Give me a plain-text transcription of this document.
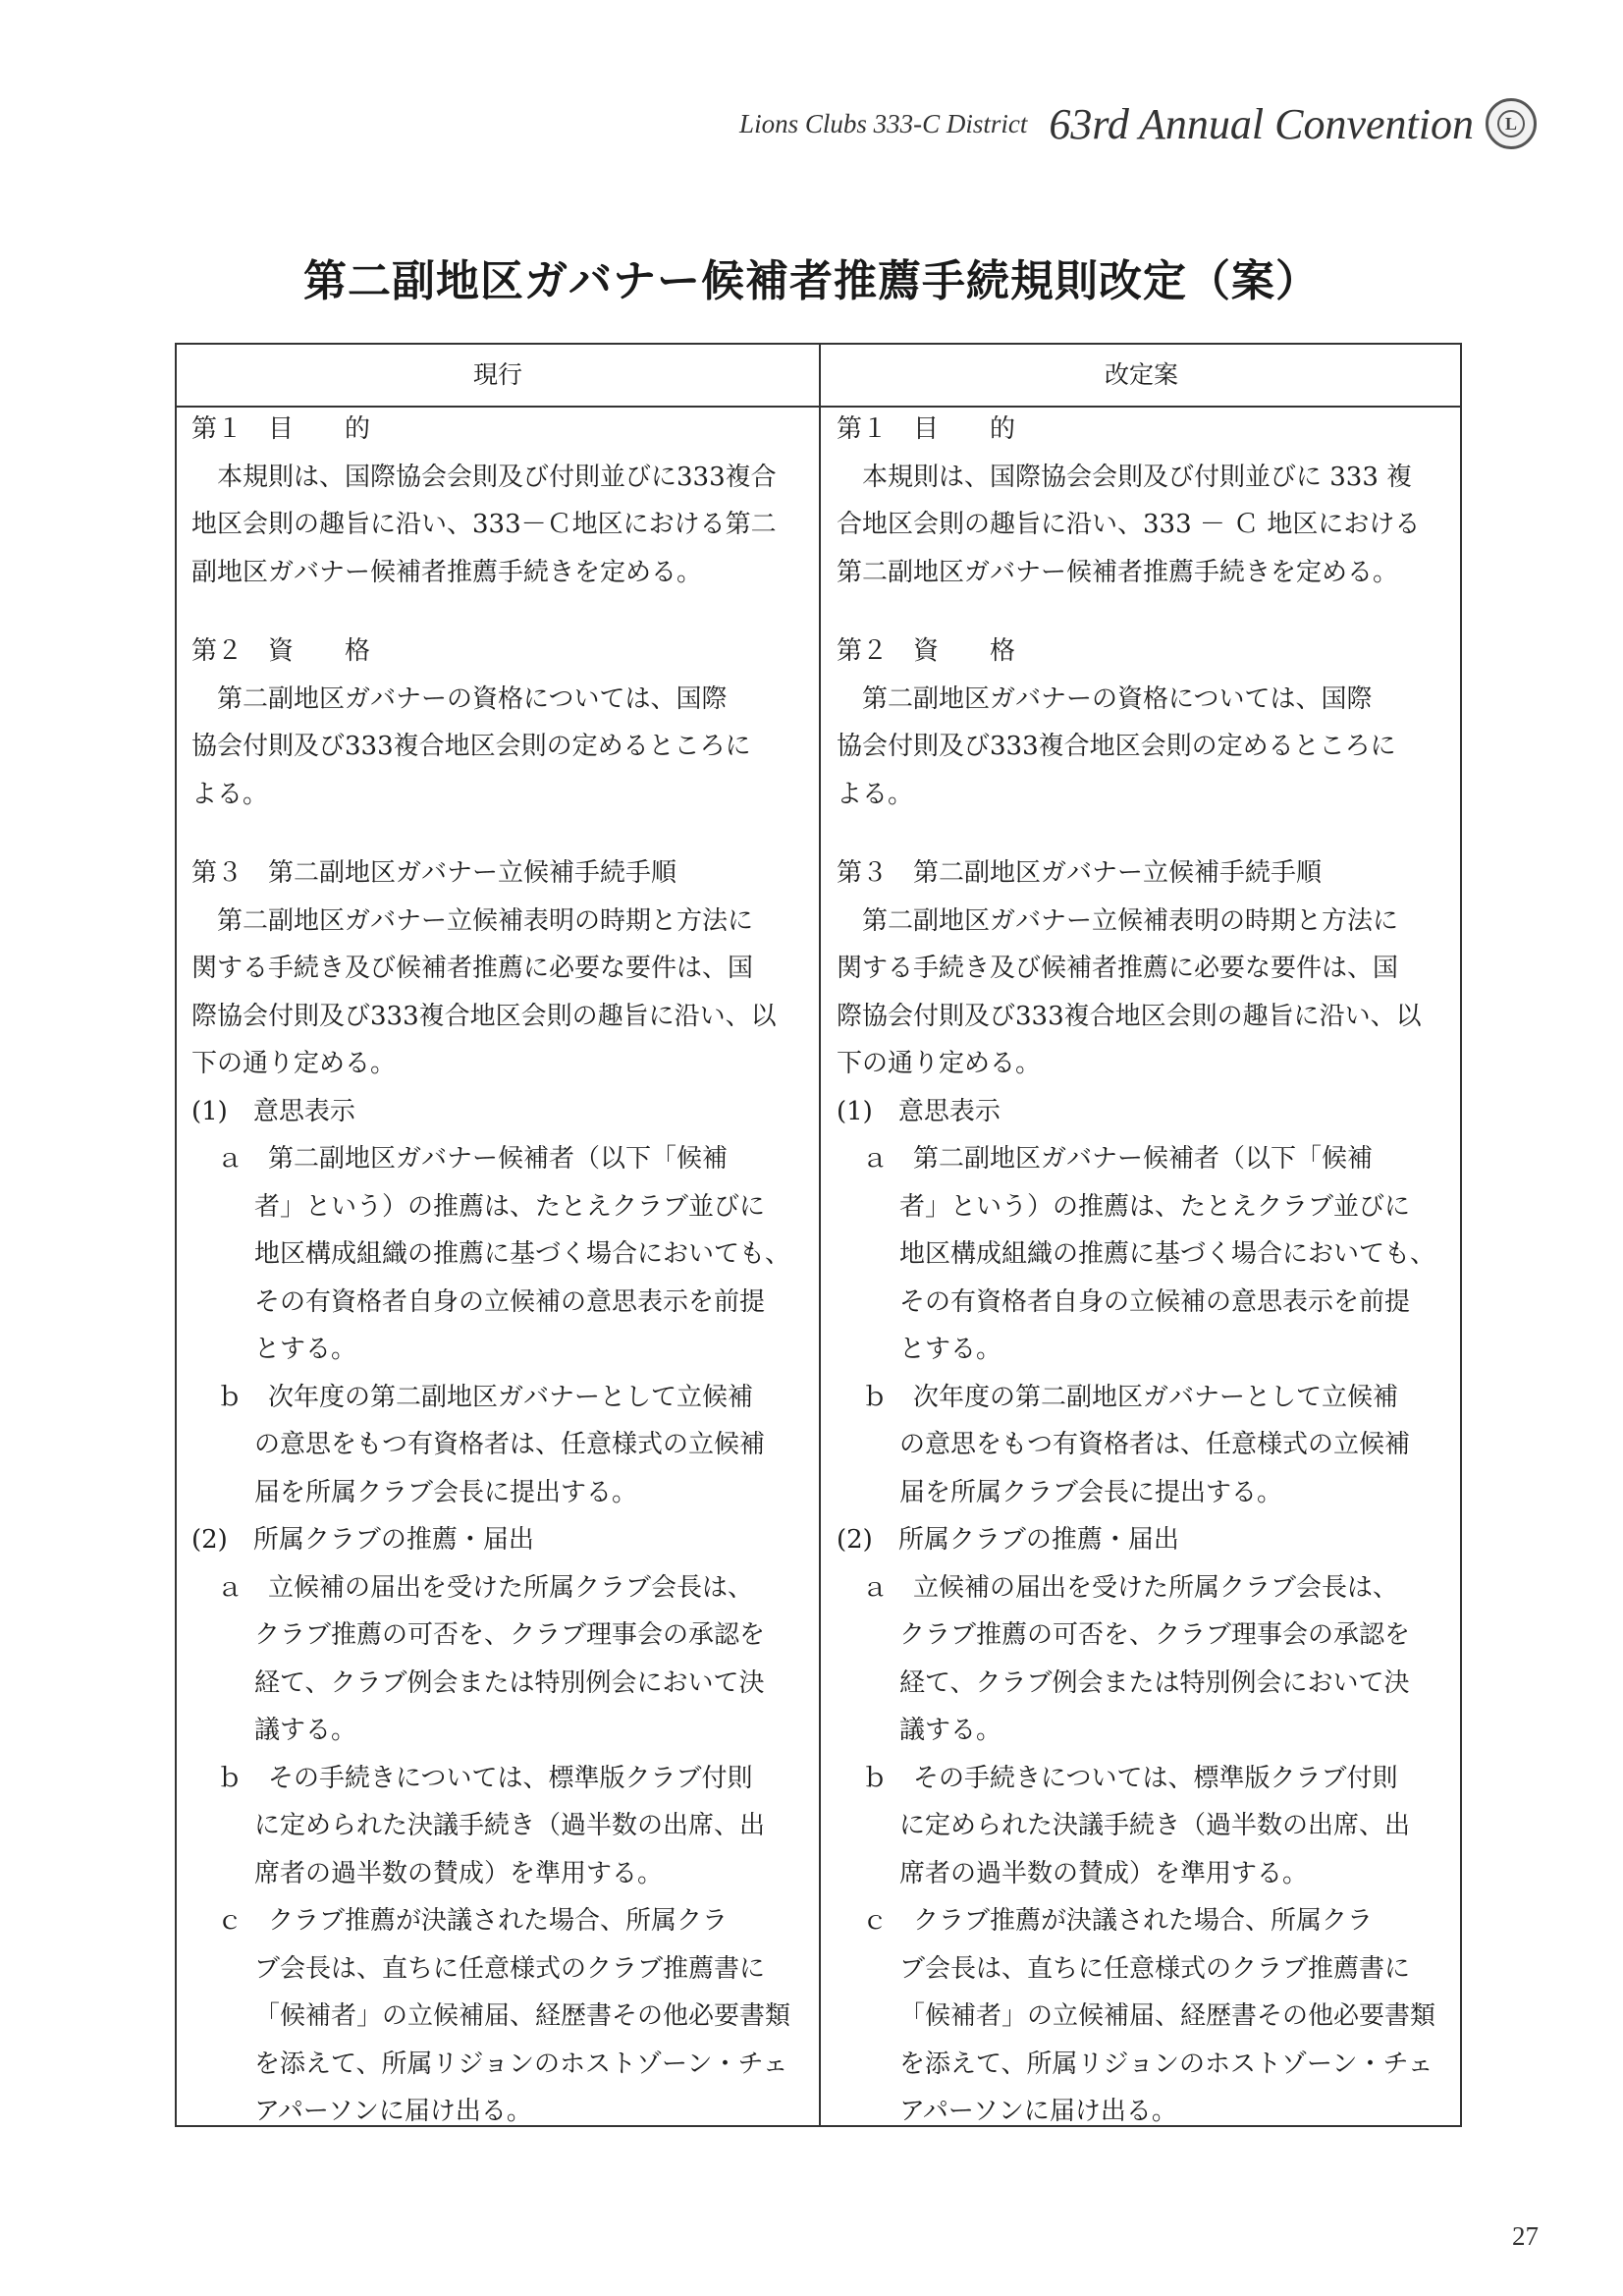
Lions Clubs 333-C District 63rd Annual Convention	L
第二副地区ガバナー候補者推薦手続規則改定（案）
現行	改定案

第１　目　　的

　本規則は、国際協会会則及び付則並びに333複合

地区会則の趣旨に沿い、333－Ｃ地区における第二

副地区ガバナー候補者推薦手続きを定める。

第２　資　　格

　第二副地区ガバナーの資格については、国際

協会付則及び333複合地区会則の定めるところに

よる。

第３　第二副地区ガバナー立候補手続手順

　第二副地区ガバナー立候補表明の時期と方法に

関する手続き及び候補者推薦に必要な要件は、国

際協会付則及び333複合地区会則の趣旨に沿い、以

下の通り定める。

(1)　意思表示

ａ　第二副地区ガバナー候補者（以下「候補

者」という）の推薦は、たとえクラブ並びに

地区構成組織の推薦に基づく場合においても、

その有資格者自身の立候補の意思表示を前提

とする。

ｂ　次年度の第二副地区ガバナーとして立候補

の意思をもつ有資格者は、任意様式の立候補

届を所属クラブ会長に提出する。

(2)　所属クラブの推薦・届出

ａ　立候補の届出を受けた所属クラブ会長は、

クラブ推薦の可否を、クラブ理事会の承認を

経て、クラブ例会または特別例会において決

議する。

ｂ　その手続きについては、標準版クラブ付則

に定められた決議手続き（過半数の出席、出

席者の過半数の賛成）を準用する。

ｃ　クラブ推薦が決議された場合、所属クラ

ブ会長は、直ちに任意様式のクラブ推薦書に

「候補者」の立候補届、経歴書その他必要書類

を添えて、所属リジョンのホストゾーン・チェ

アパーソンに届け出る。

第１　目　　的

　本規則は、国際協会会則及び付則並びに 333 複

合地区会則の趣旨に沿い、333 － Ｃ 地区における

第二副地区ガバナー候補者推薦手続きを定める。

第２　資　　格

　第二副地区ガバナーの資格については、国際

協会付則及び333複合地区会則の定めるところに

よる。

第３　第二副地区ガバナー立候補手続手順

　第二副地区ガバナー立候補表明の時期と方法に

関する手続き及び候補者推薦に必要な要件は、国

際協会付則及び333複合地区会則の趣旨に沿い、以

下の通り定める。

(1)　意思表示

ａ　第二副地区ガバナー候補者（以下「候補

者」という）の推薦は、たとえクラブ並びに

地区構成組織の推薦に基づく場合においても、

その有資格者自身の立候補の意思表示を前提

とする。

ｂ　次年度の第二副地区ガバナーとして立候補

の意思をもつ有資格者は、任意様式の立候補

届を所属クラブ会長に提出する。

(2)　所属クラブの推薦・届出

ａ　立候補の届出を受けた所属クラブ会長は、

クラブ推薦の可否を、クラブ理事会の承認を

経て、クラブ例会または特別例会において決

議する。

ｂ　その手続きについては、標準版クラブ付則

に定められた決議手続き（過半数の出席、出

席者の過半数の賛成）を準用する。

ｃ　クラブ推薦が決議された場合、所属クラ

ブ会長は、直ちに任意様式のクラブ推薦書に

「候補者」の立候補届、経歴書その他必要書類

を添えて、所属リジョンのホストゾーン・チェ

アパーソンに届け出る。

27
